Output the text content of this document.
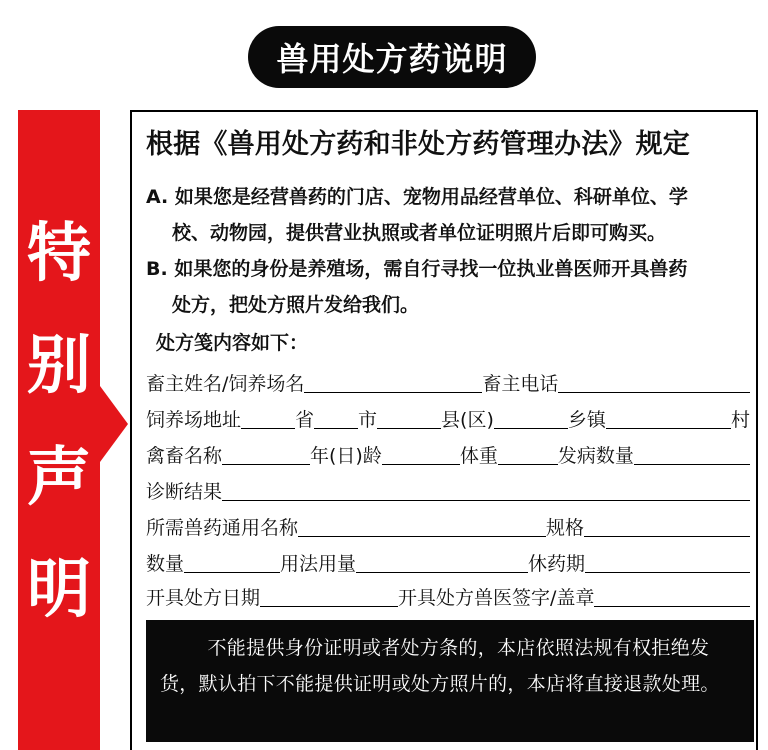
兽用处方药说明
特
别
声
明
根据《兽用处方药和非处方药管理办法》规定
A. 如果您是经营兽药的门店、宠物用品经营单位、科研单位、学
校、动物园，提供营业执照或者单位证明照片后即可购买。
B. 如果您的身份是养殖场，需自行寻找一位执业兽医师开具兽药
处方，把处方照片发给我们。
处方笺内容如下：
畜主姓名/饲养场名	畜主电话
饲养场地址	省 市	县(区)	乡镇	村
禽畜名称	年(日)龄	体重	发病数量
诊断结果
所需兽药通用名称	规格
数量	用法用量	休药期
开具处方日期	开具处方兽医签字/盖章

不能提供身份证明或者处方条的，本店依照法规有权拒绝发货，默认拍下不能提供证明或处方照片的，本店将直接退款处理。
